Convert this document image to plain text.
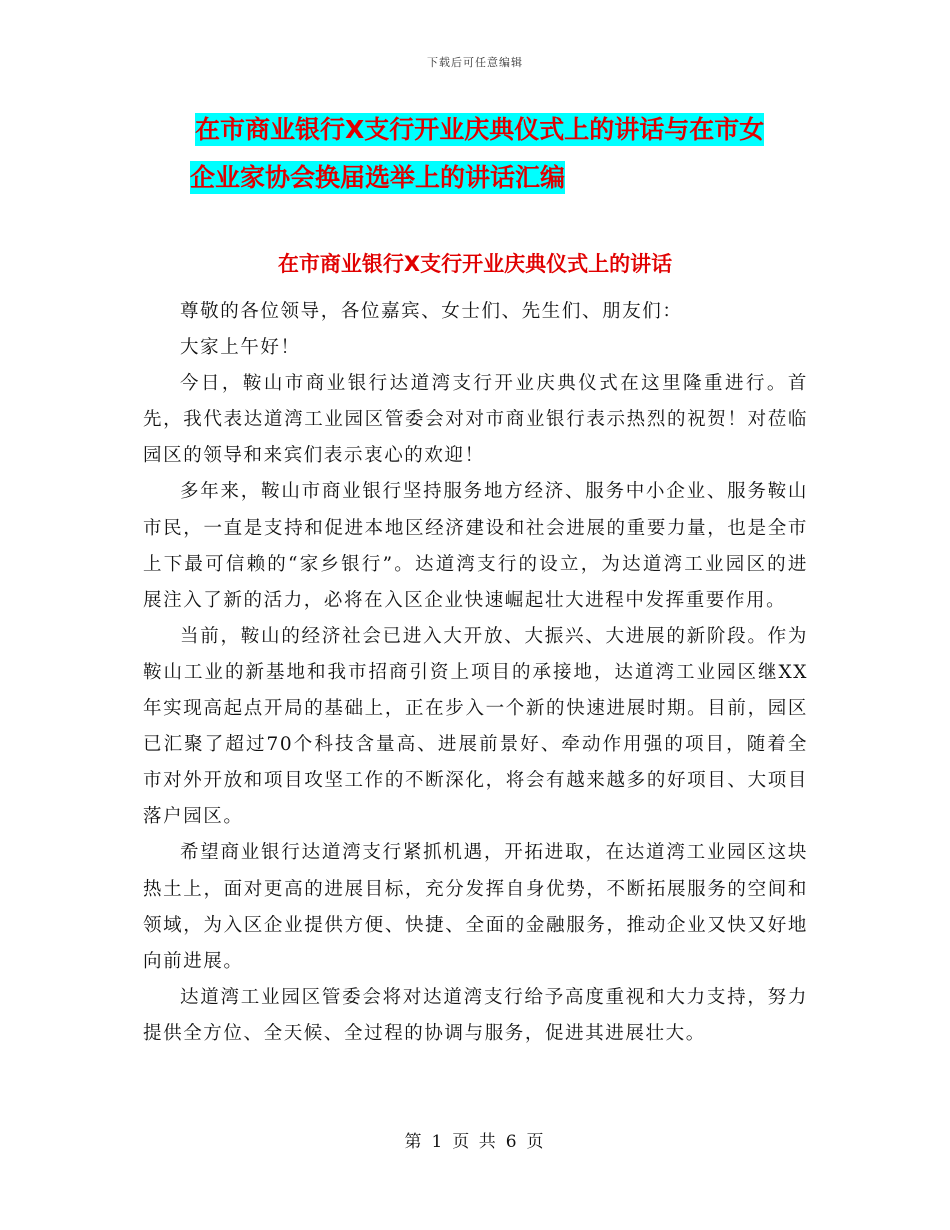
下载后可任意编辑
在市商业银行X支行开业庆典仪式上的讲话与在市女
企业家协会换届选举上的讲话汇编
在市商业银行X支行开业庆典仪式上的讲话

尊敬的各位领导，各位嘉宾、女士们、先生们、朋友们：

大家上午好！

今日，鞍山市商业银行达道湾支行开业庆典仪式在这里隆重进行。首先，我代表达道湾工业园区管委会对对市商业银行表示热烈的祝贺！对莅临园区的领导和来宾们表示衷心的欢迎！

多年来，鞍山市商业银行坚持服务地方经济、服务中小企业、服务鞍山市民，一直是支持和促进本地区经济建设和社会进展的重要力量，也是全市上下最可信赖的“家乡银行”。达道湾支行的设立，为达道湾工业园区的进展注入了新的活力，必将在入区企业快速崛起壮大进程中发挥重要作用。

当前，鞍山的经济社会已进入大开放、大振兴、大进展的新阶段。作为鞍山工业的新基地和我市招商引资上项目的承接地，达道湾工业园区继XX年实现高起点开局的基础上，正在步入一个新的快速进展时期。目前，园区已汇聚了超过70个科技含量高、进展前景好、牵动作用强的项目，随着全市对外开放和项目攻坚工作的不断深化，将会有越来越多的好项目、大项目落户园区。

希望商业银行达道湾支行紧抓机遇，开拓进取，在达道湾工业园区这块热土上，面对更高的进展目标，充分发挥自身优势，不断拓展服务的空间和领域，为入区企业提供方便、快捷、全面的金融服务，推动企业又快又好地向前进展。

达道湾工业园区管委会将对达道湾支行给予高度重视和大力支持，努力提供全方位、全天候、全过程的协调与服务，促进其进展壮大。

第 1 页 共 6 页
